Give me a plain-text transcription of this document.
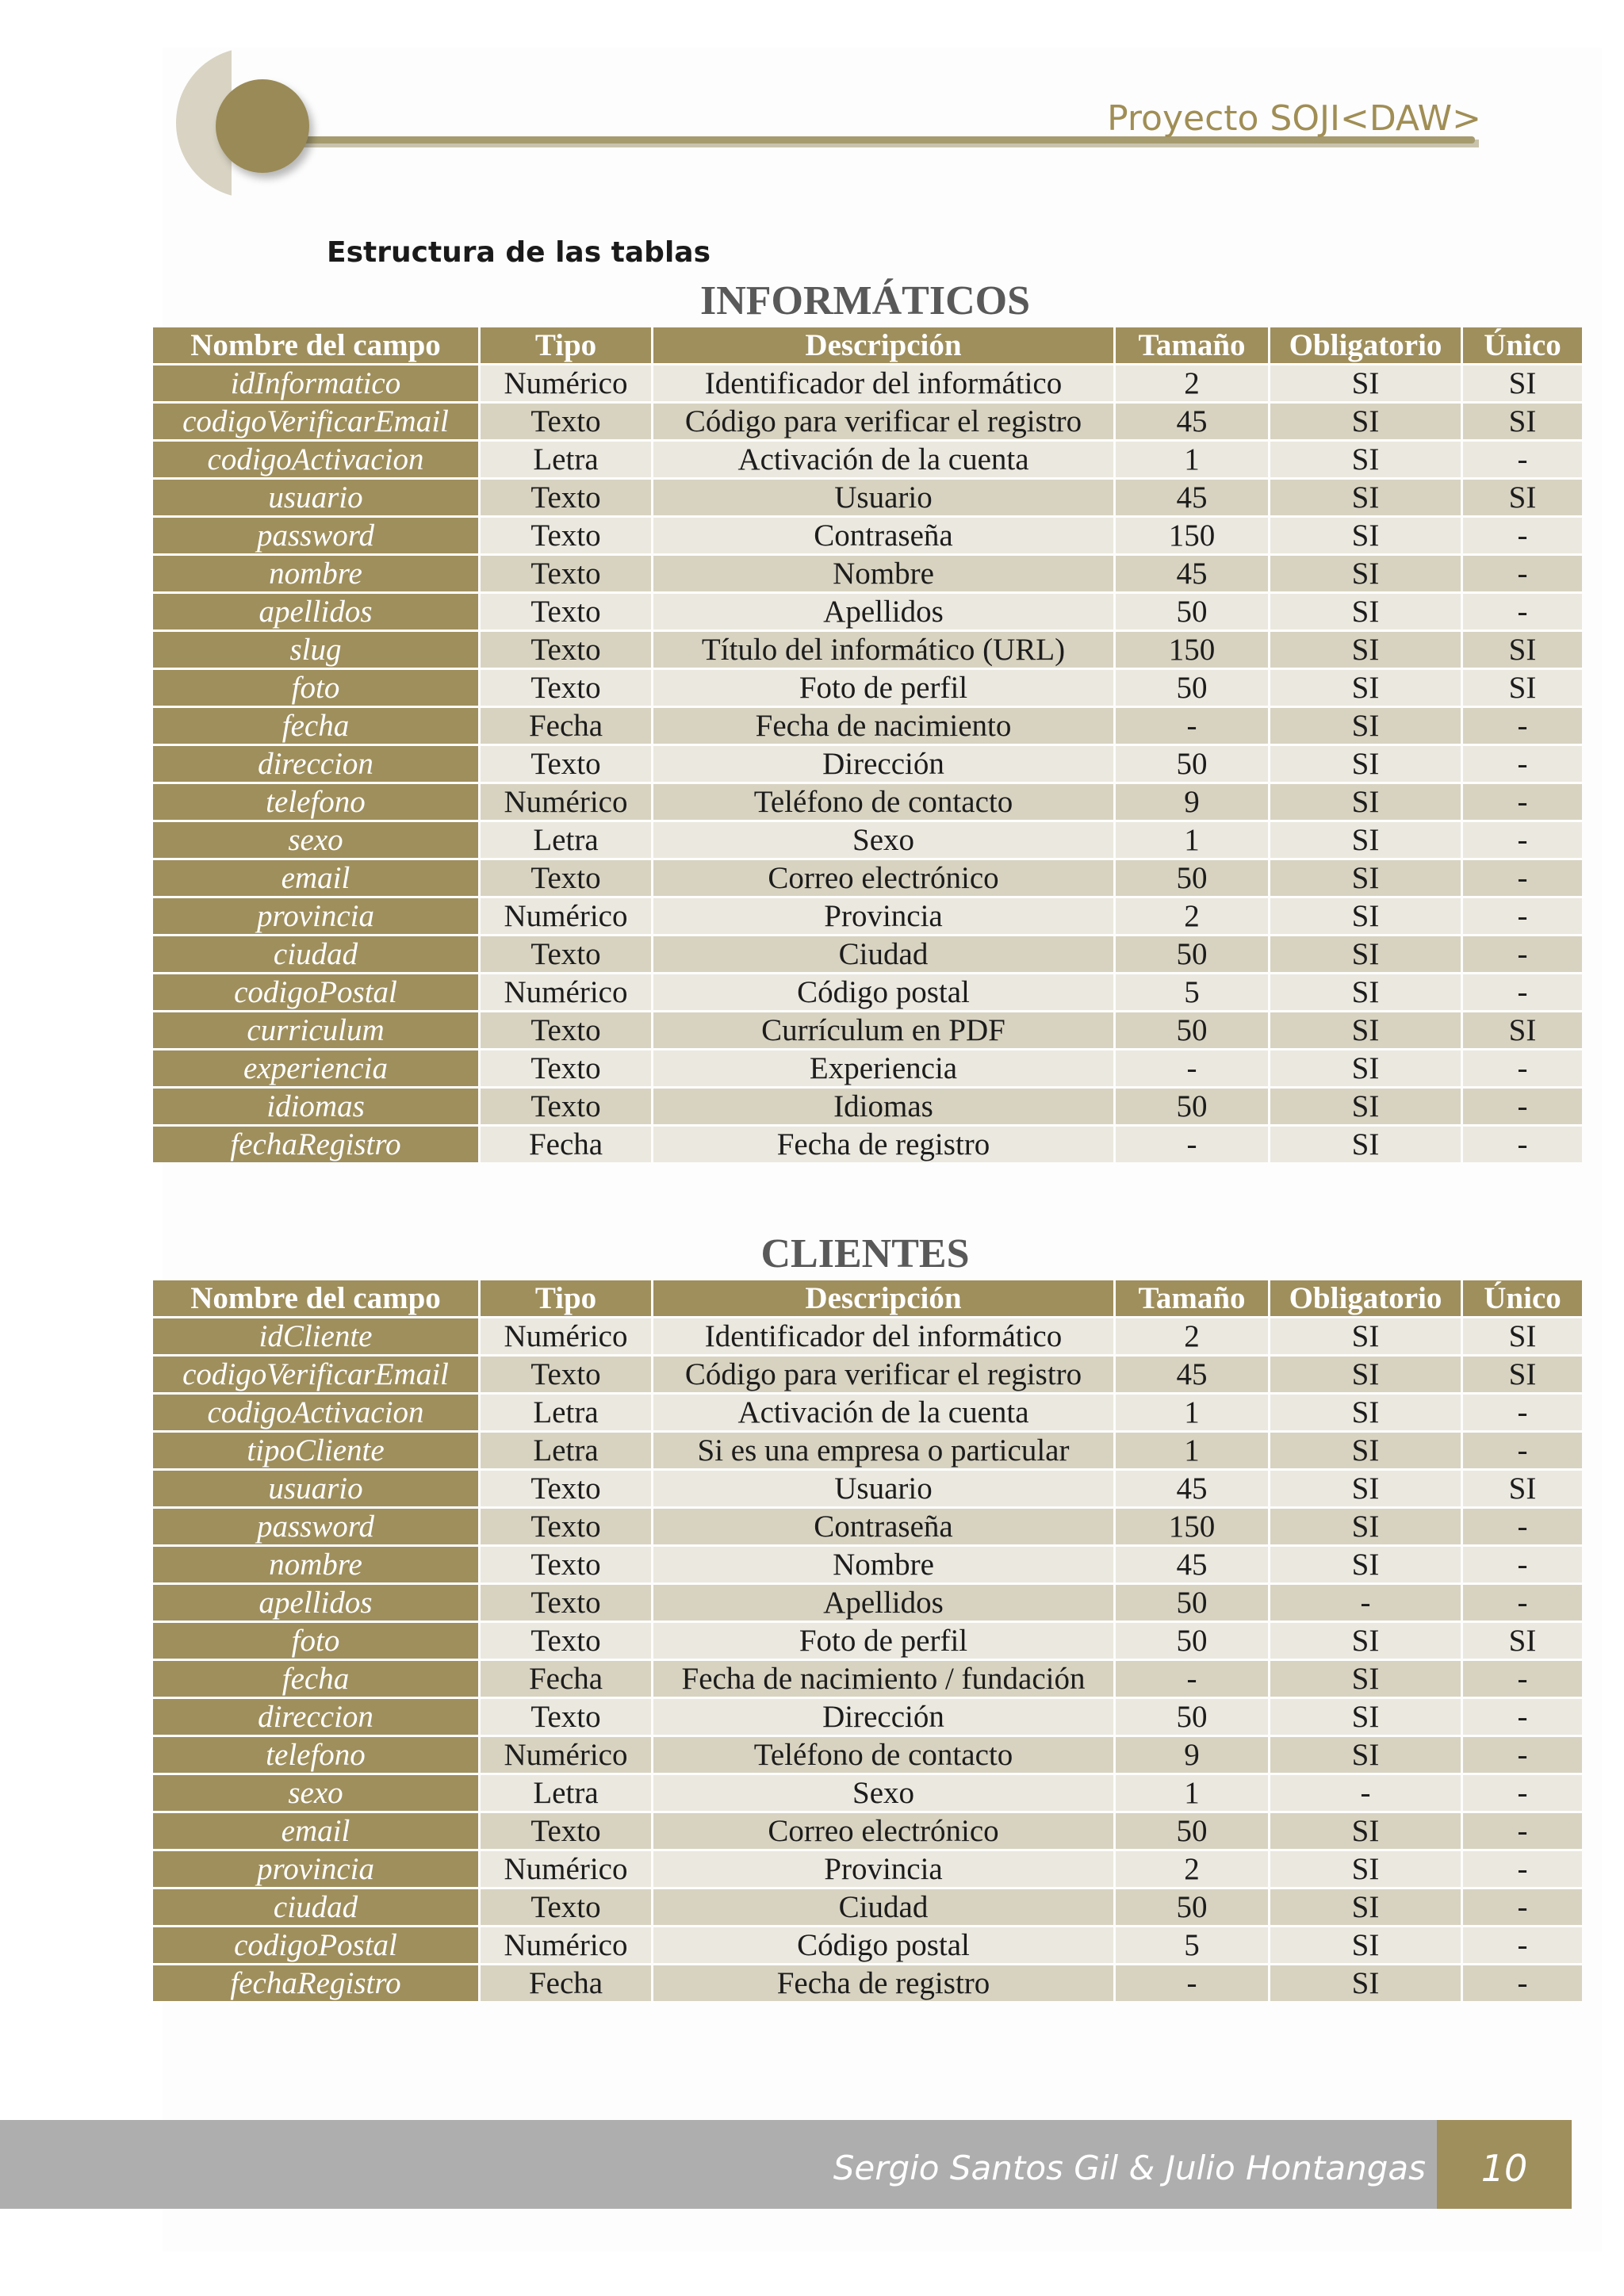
Proyecto SOJI<DAW>
Estructura de las tablas
INFORMÁTICOS
Nombre del campo	Tipo	Descripción	Tamaño	Obligatorio	Único
idInformatico	Numérico	Identificador del informático	2	SI	SI
codigoVerificarEmail	Texto	Código para verificar el registro	45	SI	SI
codigoActivacion	Letra	Activación de la cuenta	1	SI	-
usuario	Texto	Usuario	45	SI	SI
password	Texto	Contraseña	150	SI	-
nombre	Texto	Nombre	45	SI	-
apellidos	Texto	Apellidos	50	SI	-
slug	Texto	Título del informático (URL)	150	SI	SI
foto	Texto	Foto de perfil	50	SI	SI
fecha	Fecha	Fecha de nacimiento	-	SI	-
direccion	Texto	Dirección	50	SI	-
telefono	Numérico	Teléfono de contacto	9	SI	-
sexo	Letra	Sexo	1	SI	-
email	Texto	Correo electrónico	50	SI	-
provincia	Numérico	Provincia	2	SI	-
ciudad	Texto	Ciudad	50	SI	-
codigoPostal	Numérico	Código postal	5	SI	-
curriculum	Texto	Currículum en PDF	50	SI	SI
experiencia	Texto	Experiencia	-	SI	-
idiomas	Texto	Idiomas	50	SI	-
fechaRegistro	Fecha	Fecha de registro	-	SI	-
CLIENTES
Nombre del campo	Tipo	Descripción	Tamaño	Obligatorio	Único
idCliente	Numérico	Identificador del informático	2	SI	SI
codigoVerificarEmail	Texto	Código para verificar el registro	45	SI	SI
codigoActivacion	Letra	Activación de la cuenta	1	SI	-
tipoCliente	Letra	Si es una empresa o particular	1	SI	-
usuario	Texto	Usuario	45	SI	SI
password	Texto	Contraseña	150	SI	-
nombre	Texto	Nombre	45	SI	-
apellidos	Texto	Apellidos	50	-	-
foto	Texto	Foto de perfil	50	SI	SI
fecha	Fecha	Fecha de nacimiento / fundación	-	SI	-
direccion	Texto	Dirección	50	SI	-
telefono	Numérico	Teléfono de contacto	9	SI	-
sexo	Letra	Sexo	1	-	-
email	Texto	Correo electrónico	50	SI	-
provincia	Numérico	Provincia	2	SI	-
ciudad	Texto	Ciudad	50	SI	-
codigoPostal	Numérico	Código postal	5	SI	-
fechaRegistro	Fecha	Fecha de registro	-	SI	-
Sergio Santos Gil & Julio Hontangas	10
